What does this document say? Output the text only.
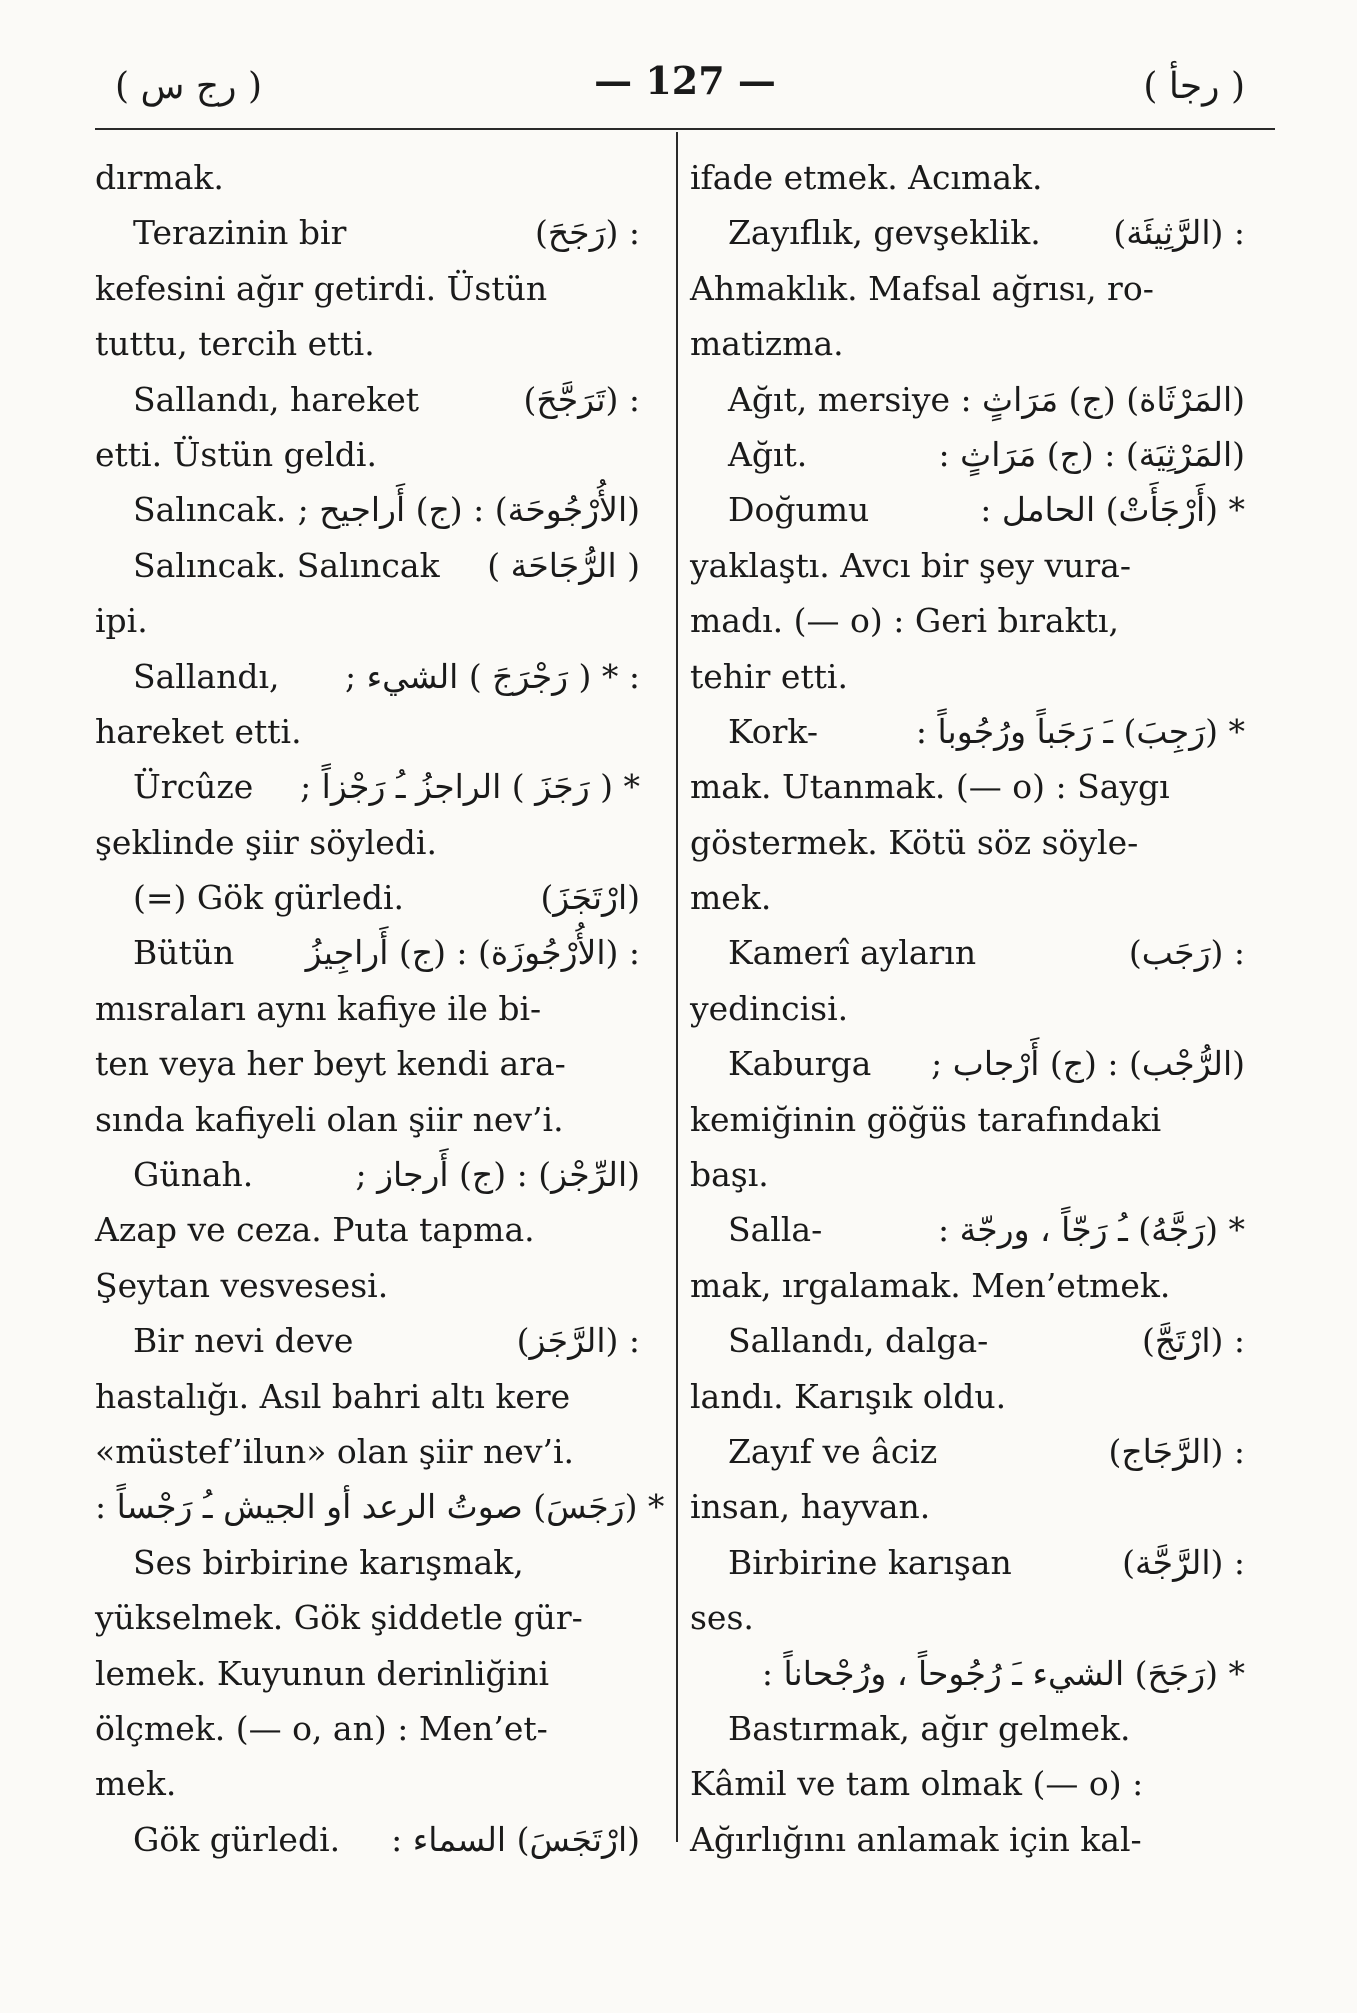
( رج س )	— 127 —	( رجأ )
dırmak.
Terazinin bir	: (رَجَحَ)
kefesini ağır getirdi. Üstün
tuttu, tercih etti.
Sallandı, hareket	: (تَرَجَّحَ)
etti. Üstün geldi.
Salıncak. (الأُرْجُوحَة) : (ج) أَراجيح ;
Salıncak. Salıncak ( الرُّجَاحَة )
ipi.
Sallandı, : * ( رَجْرَجَ ) الشيء ;
hareket etti.
Ürcûze * ( رَجَزَ ) الراجزُ ـُ رَجْزاً ;
şeklinde şiir söyledi.
(=) Gök gürledi.	(ارْتَجَزَ)
Bütün : (الأُرْجُوزَة) : (ج) أَراجِيزُ
mısraları aynı kafiye ile bi-
ten veya her beyt kendi ara-
sında kafiyeli olan şiir nev’i.
Günah.	(الرِّجْز) : (ج) أَرجاز ;
Azap ve ceza. Puta tapma.
Şeytan vesvesesi.
Bir nevi deve	: (الرَّجَز)
hastalığı. Asıl bahri altı kere
«müstef’ilun» olan şiir nev’i.
* (رَجَسَ) صوتُ الرعد أو الجيش ـُ رَجْساً :
Ses birbirine karışmak,
yükselmek. Gök şiddetle gür-
lemek. Kuyunun derinliğini
ölçmek. (— o, an) : Men’et-
mek.
Gök gürledi. (ارْتَجَسَ) السماء :
ifade etmek. Acımak.
Zayıflık, gevşeklik. : (الرَّثِيئَة)
Ahmaklık. Mafsal ağrısı, ro-
matizma.
Ağıt, mersiye (المَرْثَاة) (ج) مَرَاثٍ :
Ağıt.	(المَرْثِيَة) : (ج) مَرَاثٍ :
Doğumu	* (أَرْجَأَتْ) الحامل :
yaklaştı. Avcı bir şey vura-
madı. (— o) : Geri bıraktı,
tehir etti.
Kork-	* (رَجِبَ) ـَ رَجَباً ورُجُوباً :
mak. Utanmak. (— o) : Saygı
göstermek. Kötü söz söyle-
mek.
Kamerî ayların	: (رَجَب)
yedincisi.
Kaburga (الرُّجْب) : (ج) أَرْجاب ;
kemiğinin göğüs tarafındaki
başı.
Salla-	* (رَجَّهُ) ـُ رَجّاً ، ورجّة :
mak, ırgalamak. Men’etmek.
Sallandı, dalga-	: (ارْتَجَّ)
landı. Karışık oldu.
Zayıf ve âciz	: (الرَّجَاج)
insan, hayvan.
Birbirine karışan	: (الرَّجَّة)
ses.
* (رَجَحَ) الشيء ـَ رُجُوحاً ، ورُجْحاناً :
Bastırmak, ağır gelmek.
Kâmil ve tam olmak (— o) :
Ağırlığını anlamak için kal-
